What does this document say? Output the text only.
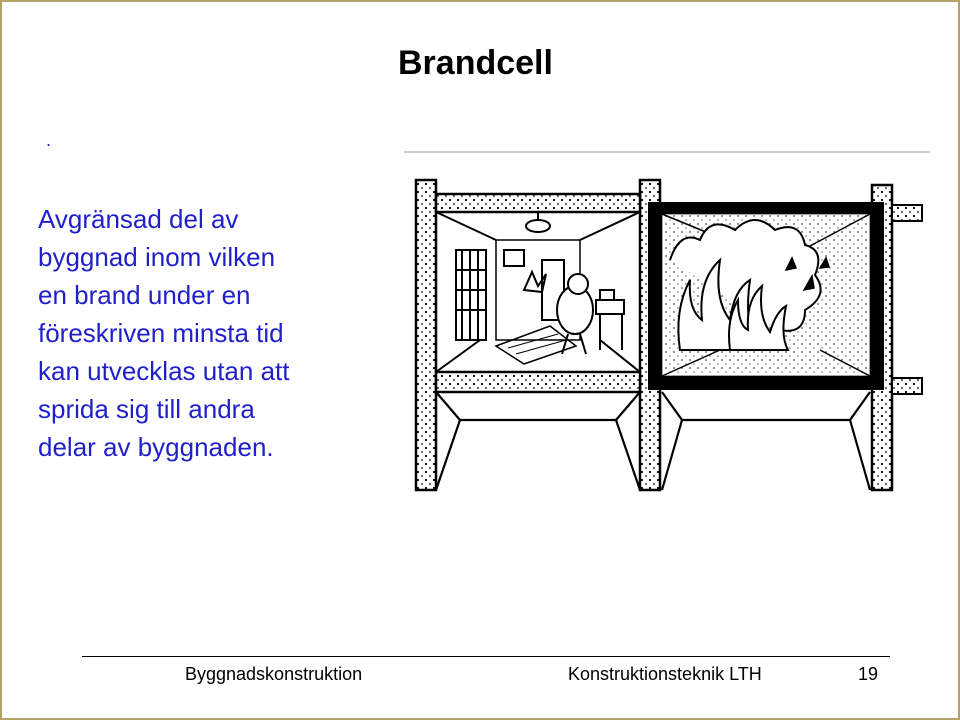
Brandcell
.
Avgränsad del av
byggnad inom vilken
en brand under en
föreskriven minsta tid
kan utvecklas utan att
sprida sig till andra
delar av byggnaden.
Byggnadskonstruktion	Konstruktionsteknik LTH	19
